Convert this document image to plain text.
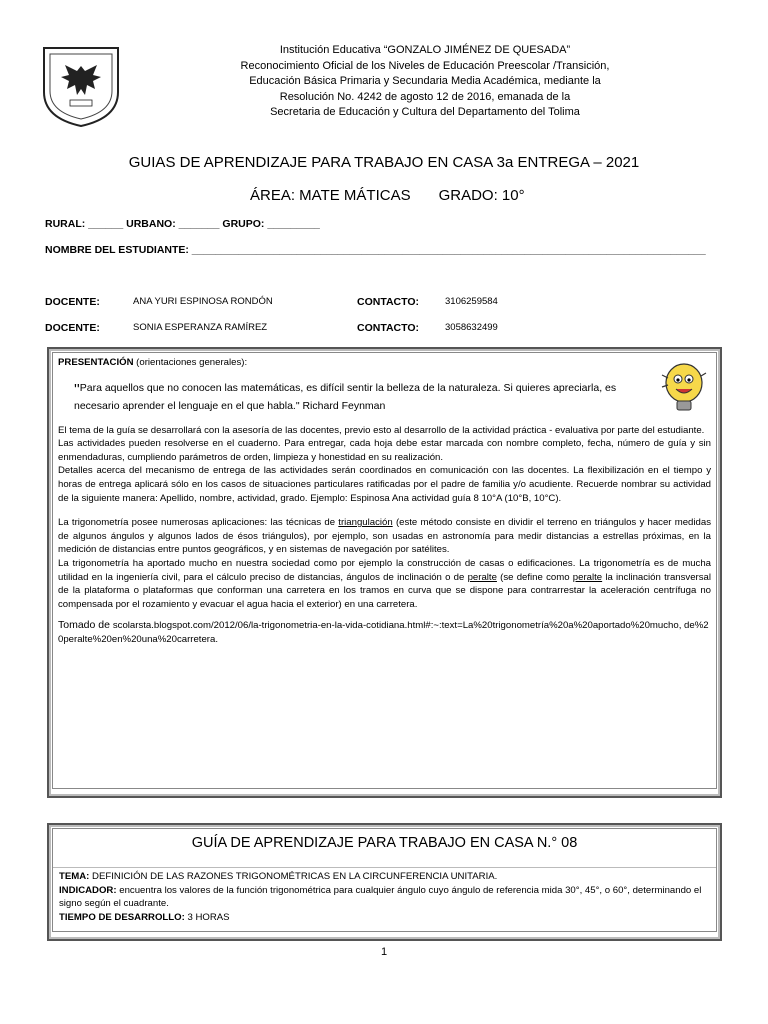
Institución Educativa “GONZALO JIMÉNEZ DE QUESADA”
Reconocimiento Oficial de los Niveles de Educación Preescolar /Transición,
Educación Básica Primaria y Secundaria Media Académica, mediante la
Resolución No. 4242 de agosto 12 de 2016, emanada de la
Secretaria de Educación y Cultura del Departamento del Tolima
GUIAS DE APRENDIZAJE PARA TRABAJO EN CASA 3a ENTREGA – 2021
ÁREA: MATE MÁTICAS GRADO: 10°
RURAL: ______ URBANO: _______ GRUPO: _________
NOMBRE DEL ESTUDIANTE: ________________________________________________________________________________________
DOCENTE:	ANA YURI ESPINOSA RONDÓN	CONTACTO:	3106259584
DOCENTE:	SONIA ESPERANZA RAMÍREZ	CONTACTO:	3058632499

PRESENTACIÓN (orientaciones generales):

''Para aquellos que no conocen las matemáticas, es difícil sentir la belleza de la naturaleza. Si quieres apreciarla, es necesario aprender el lenguaje en el que habla." Richard Feynman

El tema de la guía se desarrollará con la asesoría de las docentes, previo esto al desarrollo de la actividad práctica - evaluativa por parte del estudiante.

Las actividades pueden resolverse en el cuaderno. Para entregar, cada hoja debe estar marcada con nombre completo, fecha, número de guía y sin enmendaduras, cumpliendo parámetros de orden, limpieza y honestidad en su realización.

Detalles acerca del mecanismo de entrega de las actividades serán coordinados en comunicación con las docentes. La flexibilización en el tiempo y horas de entrega aplicará sólo en los casos de situaciones particulares ratificadas por el padre de familia y/o acudiente. Recuerde nombrar su actividad de la siguiente manera: Apellido, nombre, actividad, grado. Ejemplo: Espinosa Ana actividad guía 8 10°A (10°B, 10°C).

La trigonometría posee numerosas aplicaciones: las técnicas de triangulación (este método consiste en dividir el terreno en triángulos y hacer medidas de algunos ángulos y algunos lados de ésos triángulos), por ejemplo, son usadas en astronomía para medir distancias a estrellas próximas, en la medición de distancias entre puntos geográficos, y en sistemas de navegación por satélites.

La trigonometría ha aportado mucho en nuestra sociedad como por ejemplo la construcción de casas o edificaciones. La trigonometría es de mucha utilidad en la ingeniería civil, para el cálculo preciso de distancias, ángulos de inclinación o de peralte (se define como peralte la inclinación transversal de la plataforma o plataformas que conforman una carretera en los tramos en curva que se dispone para contrarrestar la aceleración centrífuga no compensada por el rozamiento y evacuar el agua hacia el exterior) en una carretera.

Tomado de scolarsta.blogspot.com/2012/06/la-trigonometria-en-la-vida-cotidiana.html#:~:text=La%20trigonometría%20a%20aportado%20mucho, de%20peralte%20en%20una%20carretera.

GUÍA DE APRENDIZAJE PARA TRABAJO EN CASA N.° 08

TEMA: DEFINICIÓN DE LAS RAZONES TRIGONOMÉTRICAS EN LA CIRCUNFERENCIA UNITARIA.

INDICADOR: encuentra los valores de la función trigonométrica para cualquier ángulo cuyo ángulo de referencia mida 30°, 45°, o 60°, determinando el signo según el cuadrante.

TIEMPO DE DESARROLLO: 3 HORAS

1
